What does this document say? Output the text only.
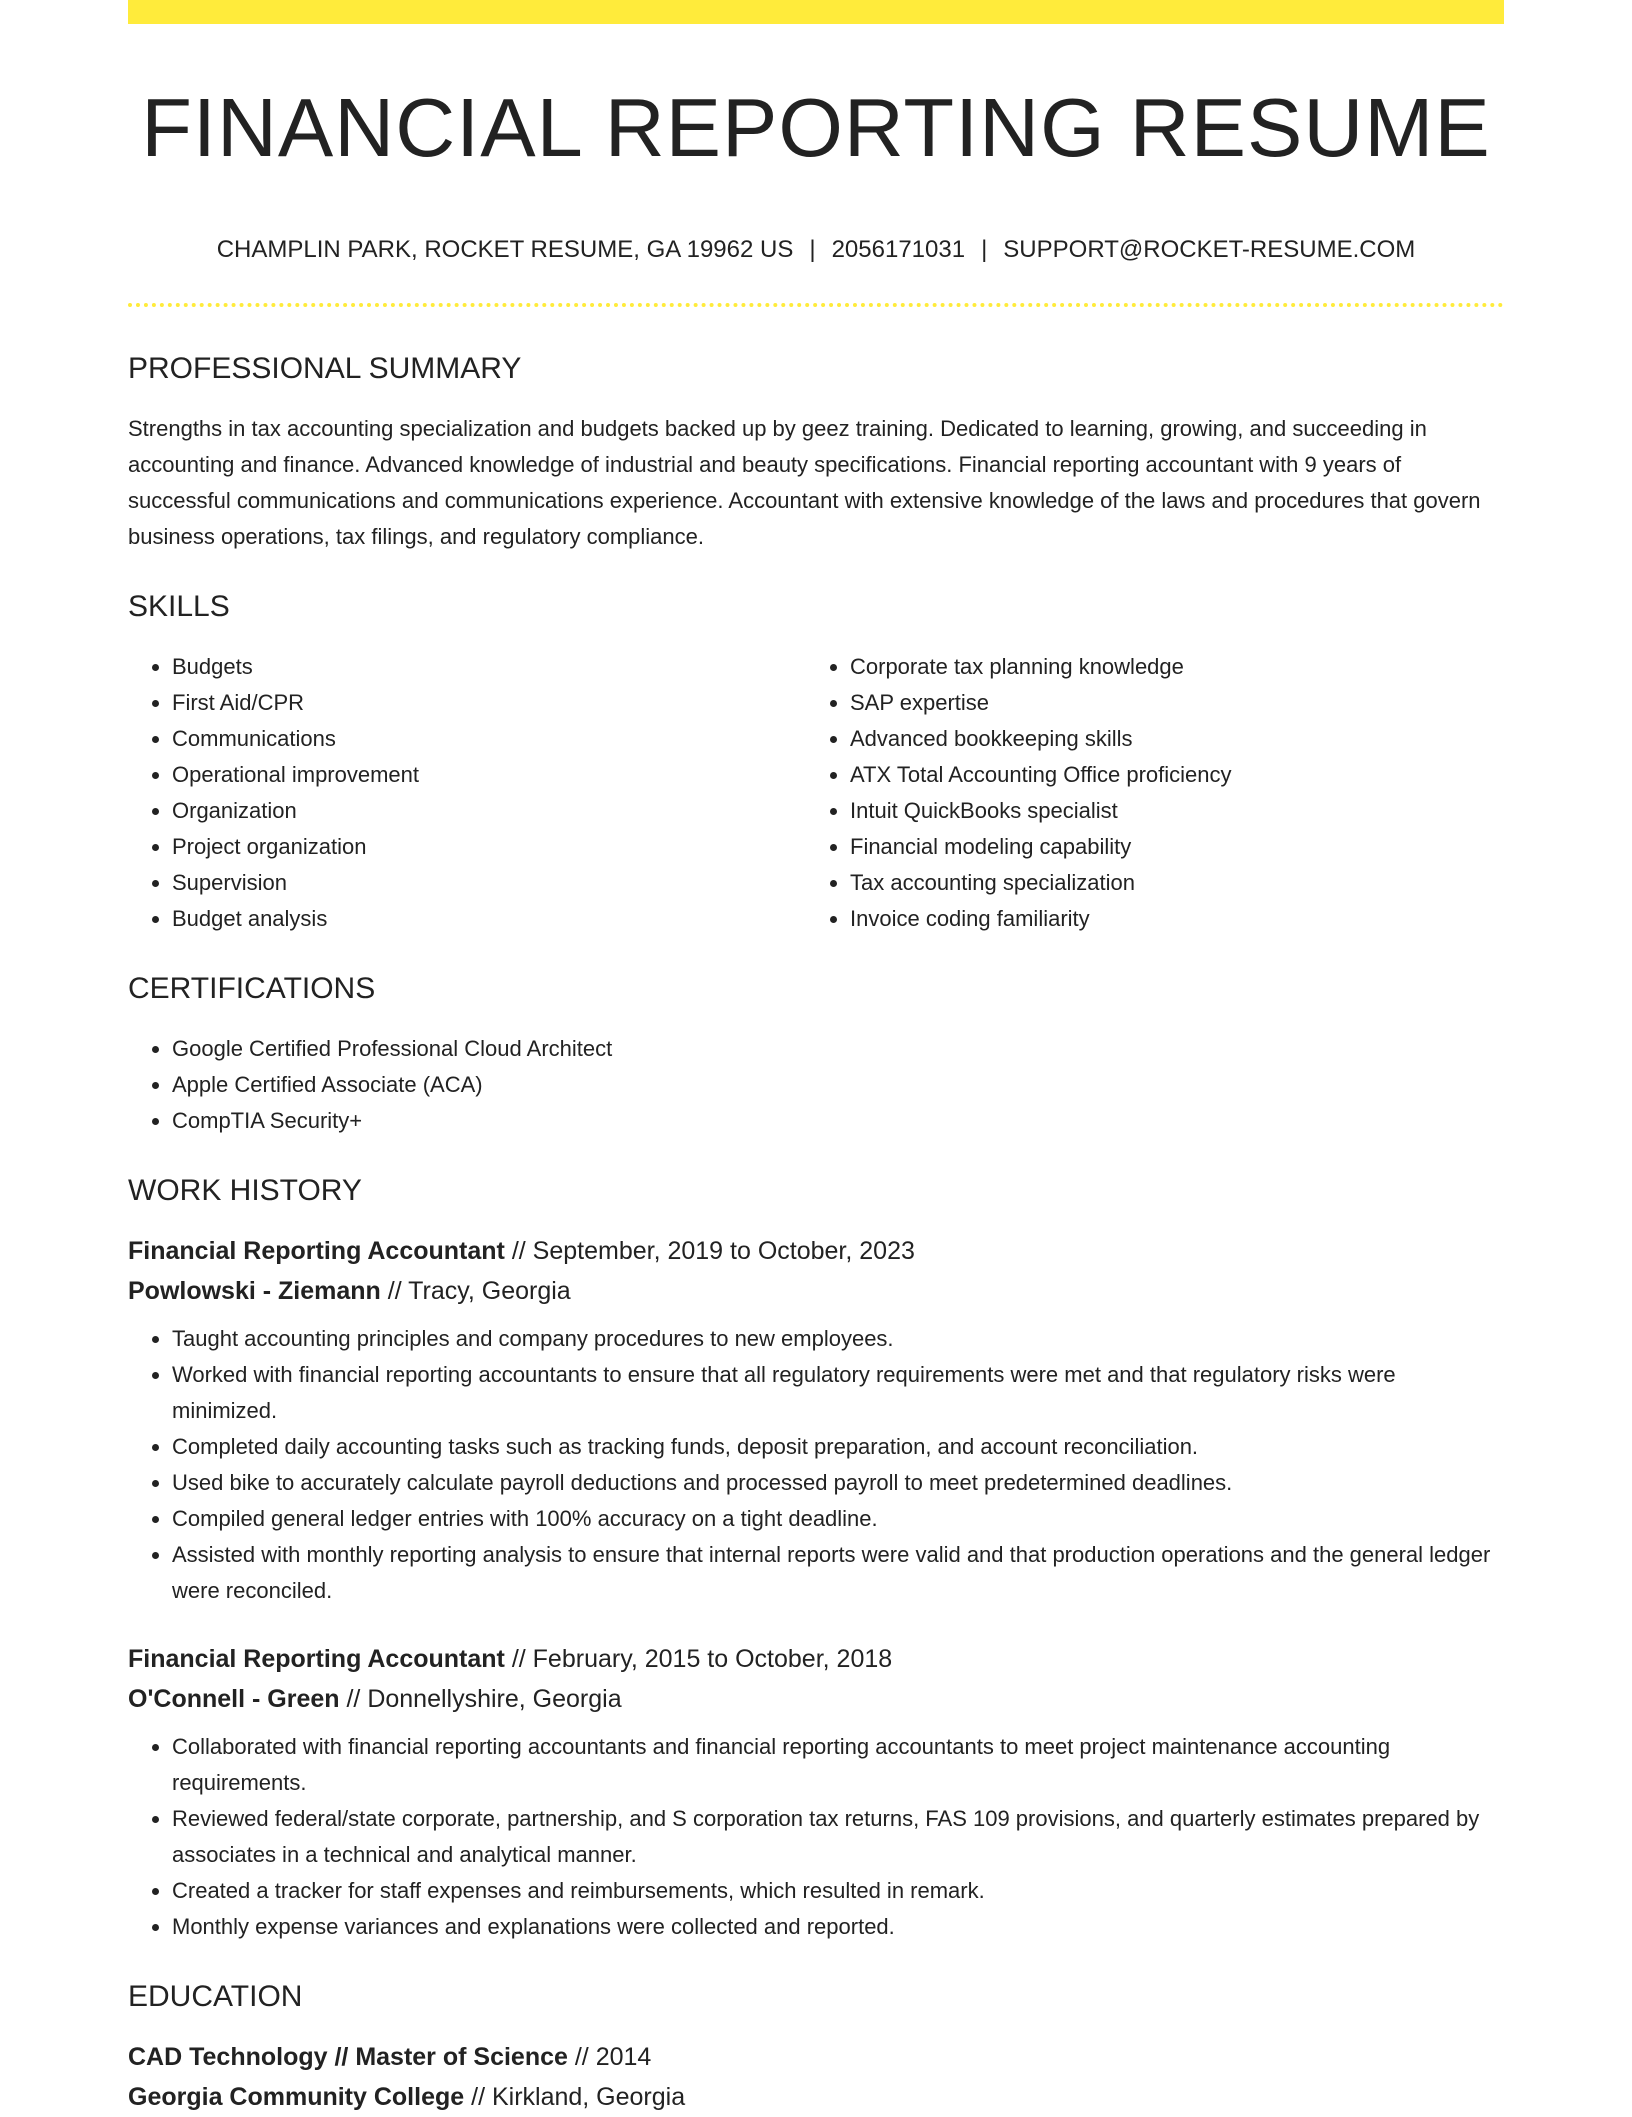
FINANCIAL REPORTING RESUME
CHAMPLIN PARK, ROCKET RESUME, GA 19962 US | 2056171031 | SUPPORT@ROCKET-RESUME.COM
PROFESSIONAL SUMMARY

Strengths in tax accounting specialization and budgets backed up by geez training. Dedicated to learning, growing, and succeeding in accounting and finance. Advanced knowledge of industrial and beauty specifications. Financial reporting accountant with 9 years of successful communications and communications experience. Accountant with extensive knowledge of the laws and procedures that govern business operations, tax filings, and regulatory compliance.

SKILLS
• Budgets
• First Aid/CPR
• Communications
• Operational improvement
• Organization
• Project organization
• Supervision
• Budget analysis
• Corporate tax planning knowledge
• SAP expertise
• Advanced bookkeeping skills
• ATX Total Accounting Office proficiency
• Intuit QuickBooks specialist
• Financial modeling capability
• Tax accounting specialization
• Invoice coding familiarity
CERTIFICATIONS
• Google Certified Professional Cloud Architect
• Apple Certified Associate (ACA)
• CompTIA Security+
WORK HISTORY
Financial Reporting Accountant // September, 2019 to October, 2023
Powlowski - Ziemann // Tracy, Georgia
• Taught accounting principles and company procedures to new employees.
• Worked with financial reporting accountants to ensure that all regulatory requirements were met and that regulatory risks were minimized.
• Completed daily accounting tasks such as tracking funds, deposit preparation, and account reconciliation.
• Used bike to accurately calculate payroll deductions and processed payroll to meet predetermined deadlines.
• Compiled general ledger entries with 100% accuracy on a tight deadline.
• Assisted with monthly reporting analysis to ensure that internal reports were valid and that production operations and the general ledger were reconciled.
Financial Reporting Accountant // February, 2015 to October, 2018
O'Connell - Green // Donnellyshire, Georgia
• Collaborated with financial reporting accountants and financial reporting accountants to meet project maintenance accounting requirements.
• Reviewed federal/state corporate, partnership, and S corporation tax returns, FAS 109 provisions, and quarterly estimates prepared by associates in a technical and analytical manner.
• Created a tracker for staff expenses and reimbursements, which resulted in remark.
• Monthly expense variances and explanations were collected and reported.
EDUCATION
CAD Technology // Master of Science // 2014
Georgia Community College // Kirkland, Georgia
